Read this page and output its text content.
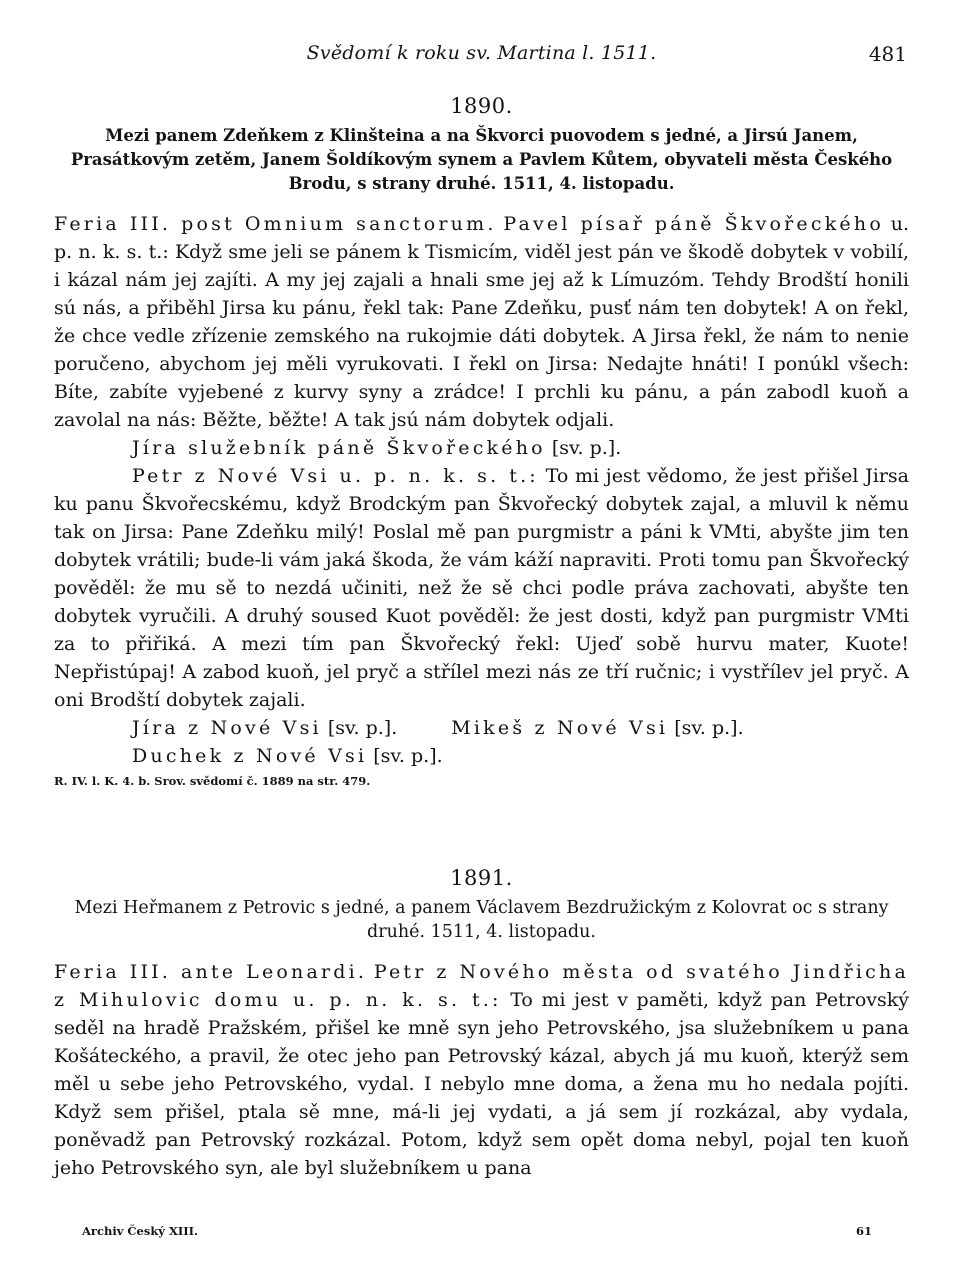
Svědomí k roku sv. Martina l. 1511.	481
1890.
Mezi panem Zdeňkem z Klinšteina a na Škvorci puovodem s jedné, a Jirsú Janem, Prasátkovým zetěm, Janem Šoldíkovým synem a Pavlem Kůtem, obyvateli města Českého Brodu, s strany druhé. 1511, 4. listopadu.

Feria III. post Omnium sanctorum. Pavel písař páně Škvořeckého u. p. n. k. s. t.: Když sme jeli se pánem k Tismicím, viděl jest pán ve škodě dobytek v vobilí, i kázal nám jej zajíti. A my jej zajali a hnali sme jej až k Límuzóm. Tehdy Brodští honili sú nás, a přiběhl Jirsa ku pánu, řekl tak: Pane Zdeňku, pusť nám ten dobytek! A on řekl, že chce vedle zřízenie zemského na rukojmie dáti dobytek. A Jirsa řekl, že nám to nenie poručeno, abychom jej měli vyrukovati. I řekl on Jirsa: Nedajte hnáti! I ponúkl všech: Bíte, zabíte vyjebené z kurvy syny a zrádce! I prchli ku pánu, a pán zabodl kuoň a zavolal na nás: Běžte, běžte! A tak jsú nám dobytek odjali.

Jíra služebník páně Škvořeckého [sv. p.].

Petr z Nové Vsi u. p. n. k. s. t.: To mi jest vědomo, že jest přišel Jirsa ku panu Škvořecskému, když Brodckým pan Škvořecký dobytek zajal, a mluvil k němu tak on Jirsa: Pane Zdeňku milý! Poslal mě pan purgmistr a páni k VMti, abyšte jim ten dobytek vrátili; bude-li vám jaká škoda, že vám káží napraviti. Proti tomu pan Škvořecký pověděl: že mu sě to nezdá učiniti, než že sě chci podle práva zachovati, abyšte ten dobytek vyručili. A druhý soused Kuot pověděl: že jest dosti, když pan purgmistr VMti za to přiřiká. A mezi tím pan Škvořecký řekl: Ujeď sobě hurvu mater, Kuote! Nepřistúpaj! A zabod kuoň, jel pryč a střílel mezi nás ze tří ručnic; i vystřílev jel pryč. A oni Brodští dobytek zajali.

Jíra z Nové Vsi [sv. p.].	Mikeš z Nové Vsi [sv. p.].
Duchek z Nové Vsi [sv. p.].
R. IV. l. K. 4. b. Srov. svědomí č. 1889 na str. 479.
1891.
Mezi Heřmanem z Petrovic s jedné, a panem Václavem Bezdružickým z Kolovrat oc s strany druhé. 1511, 4. listopadu.

Feria III. ante Leonardi. Petr z Nového města od svatého Jindřicha z Mihulovic domu u. p. n. k. s. t.: To mi jest v paměti, když pan Petrovský seděl na hradě Pražském, přišel ke mně syn jeho Petrovského, jsa služebníkem u pana Košáteckého, a pravil, že otec jeho pan Petrovský kázal, abych já mu kuoň, kterýž sem měl u sebe jeho Petrovského, vydal. I nebylo mne doma, a žena mu ho nedala pojíti. Když sem přišel, ptala sě mne, má-li jej vydati, a já sem jí rozkázal, aby vydala, poněvadž pan Petrovský rozkázal. Potom, když sem opět doma nebyl, pojal ten kuoň jeho Petrovského syn, ale byl služebníkem u pana

Archiv Český XIII.	61
